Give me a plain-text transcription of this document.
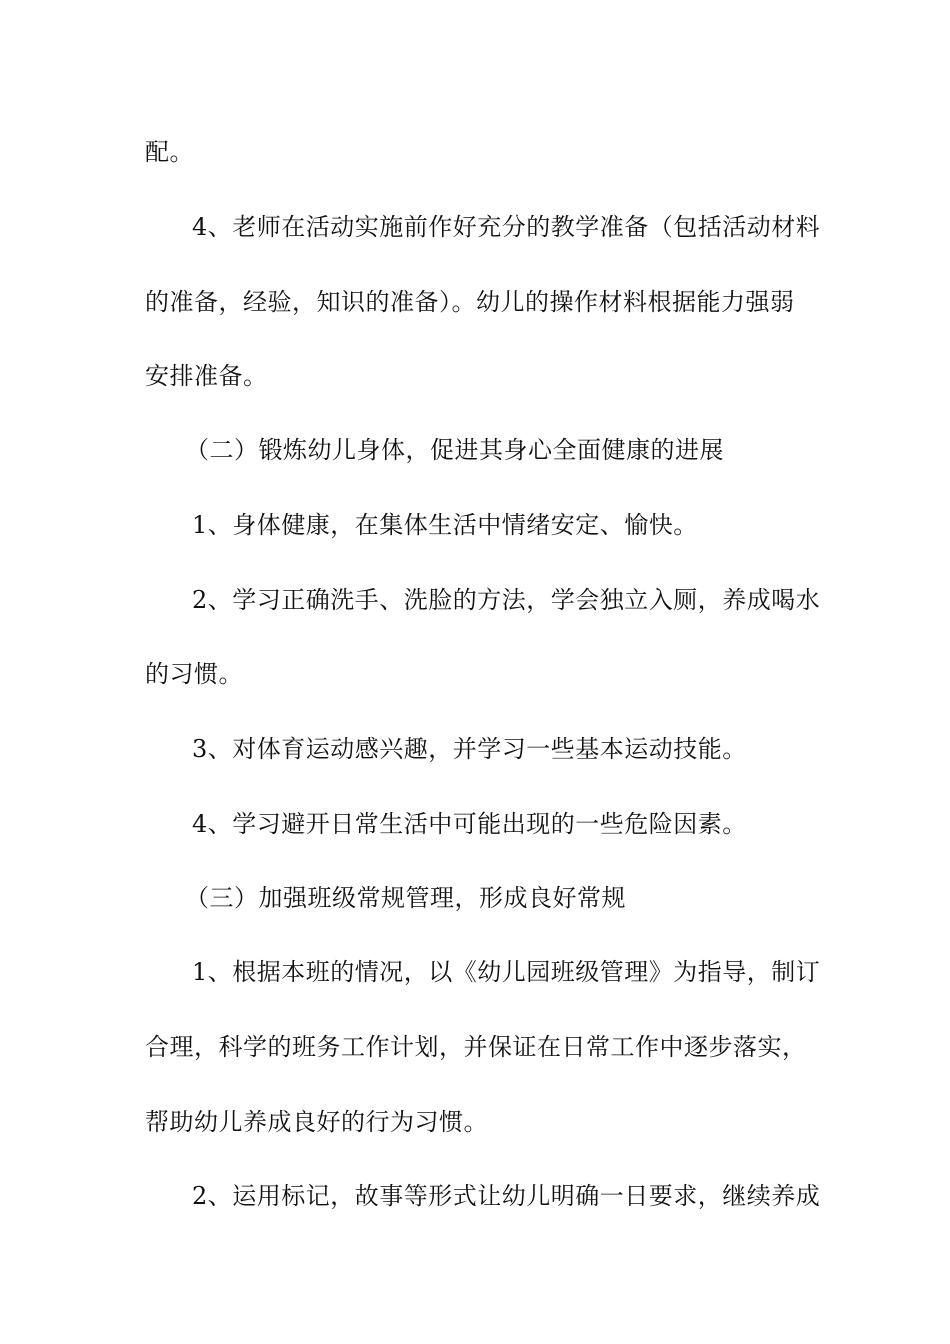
配。
4、老师在活动实施前作好充分的教学准备（包括活动材料
的准备，经验，知识的准备）。幼儿的操作材料根据能力强弱
安排准备。
（二）锻炼幼儿身体，促进其身心全面健康的进展
1、身体健康，在集体生活中情绪安定、愉快。
2、学习正确洗手、洗脸的方法，学会独立入厕，养成喝水
的习惯。
3、对体育运动感兴趣，并学习一些基本运动技能。
4、学习避开日常生活中可能出现的一些危险因素。
（三）加强班级常规管理，形成良好常规
1、根据本班的情况，以《幼儿园班级管理》为指导，制订
合理，科学的班务工作计划，并保证在日常工作中逐步落实，
帮助幼儿养成良好的行为习惯。
2、运用标记，故事等形式让幼儿明确一日要求，继续养成
